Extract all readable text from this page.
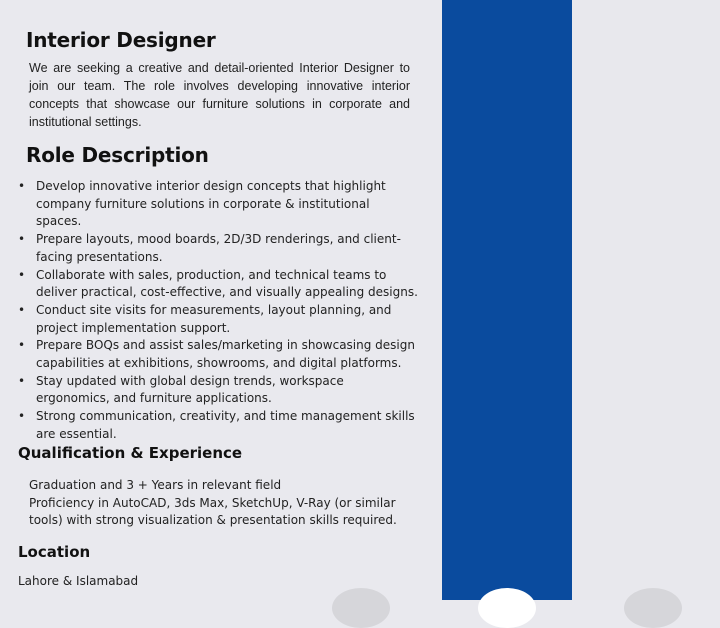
Interior Designer

We are seeking a creative and detail-oriented Interior Designer to join our team. The role involves developing innovative interior concepts that showcase our furniture solutions in corporate and institutional settings.

Role Description
• Develop innovative interior design concepts that highlight company furniture solutions in corporate & institutional spaces.
• Prepare layouts, mood boards, 2D/3D renderings, and client-facing presentations.
• Collaborate with sales, production, and technical teams to deliver practical, cost-effective, and visually appealing designs.
• Conduct site visits for measurements, layout planning, and project implementation support.
• Prepare BOQs and assist sales/marketing in showcasing design capabilities at exhibitions, showrooms, and digital platforms.
• Stay updated with global design trends, workspace ergonomics, and furniture applications.
• Strong communication, creativity, and time management skills are essential.
Qualification & Experience

Graduation and 3 + Years in relevant field
Proficiency in AutoCAD, 3ds Max, SketchUp, V-Ray (or similar tools) with strong visualization & presentation skills required.

Location

Lahore & Islamabad
